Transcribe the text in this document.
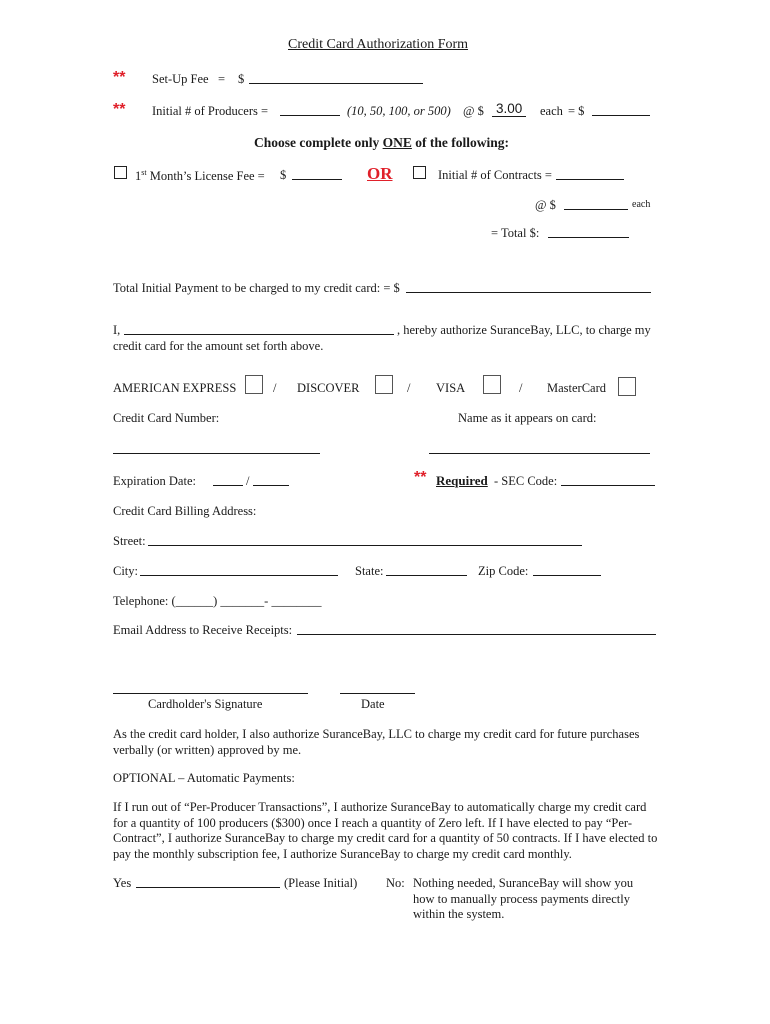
Credit Card Authorization Form
** Set-Up Fee = $
** Initial # of Producers =	(10, 50, 100, or 500) @ $ 3.00	each = $
Choose complete only ONE of the following:
1st Month’s License Fee = $	OR	Initial # of Contracts =
@ $	each
= Total $:
Total Initial Payment to be charged to my credit card: = $
I,	, hereby authorize SuranceBay, LLC, to charge my
credit card for the amount set forth above.
AMERICAN EXPRESS	/ DISCOVER	/ VISA	/ MasterCard
Credit Card Number:	Name as it appears on card:
Expiration Date:	/	** Required - SEC Code:
Credit Card Billing Address:
Street:
City:	State:	Zip Code:
Telephone: (______) _______- ________
Email Address to Receive Receipts:
Cardholder's Signature	Date
As the credit card holder, I also authorize SuranceBay, LLC to charge my credit card for future purchases verbally (or written) approved by me.
OPTIONAL – Automatic Payments:
If I run out of “Per-Producer Transactions”, I authorize SuranceBay to automatically charge my credit card for a quantity of 100 producers ($300) once I reach a quantity of Zero left. If I have elected to pay “Per-Contract”, I authorize SuranceBay to charge my credit card for a quantity of 50 contracts. If I have elected to pay the monthly subscription fee, I authorize SuranceBay to charge my credit card monthly.
Yes	(Please Initial) No: Nothing needed, SuranceBay will show you how to manually process payments directly within the system.
